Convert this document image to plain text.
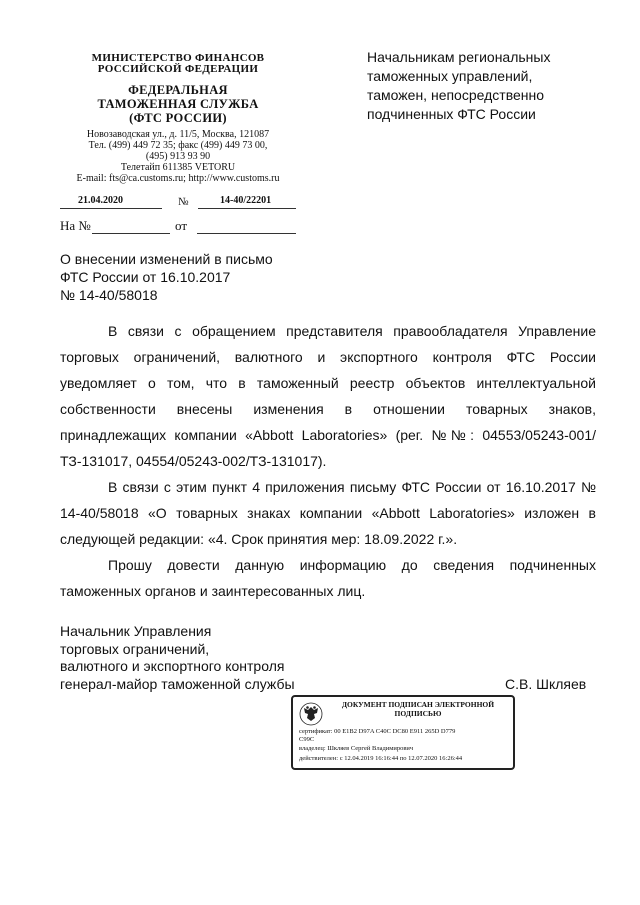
МИНИСТЕРСТВО ФИНАНСОВ
РОССИЙСКОЙ ФЕДЕРАЦИИ
ФЕДЕРАЛЬНАЯ
ТАМОЖЕННАЯ СЛУЖБА
(ФТС РОССИИ)
Новозаводская ул., д. 11/5, Москва, 121087
Тел. (499) 449 72 35; факс (499) 449 73 00,
(495) 913 93 90
Телетайп 611385 VETORU
E-mail: fts@ca.customs.ru; http://www.customs.ru
21.04.2020	№	14-40/22201
На №	от
Начальникам региональных
таможенных управлений,
таможен, непосредственно
подчиненных ФТС России
О внесении изменений в письмо
ФТС России от 16.10.2017
№ 14-40/58018

В связи с обращением представителя правообладателя Управление торговых ограничений, валютного и экспортного контроля ФТС России уведомляет о том, что в таможенный реестр объектов интеллектуальной собственности внесены изменения в отношении товарных знаков, принадлежащих компании «Abbott Laboratories» (рег. №№: 04553/05243-001/ТЗ-131017, 04554/05243-002/ТЗ-131017).

В связи с этим пункт 4 приложения письму ФТС России от 16.10.2017 № 14-40/58018 «О товарных знаках компании «Abbott Laboratories» изложен в следующей редакции: «4. Срок принятия мер: 18.09.2022 г.».

Прошу довести данную информацию до сведения подчиненных таможенных органов и заинтересованных лиц.

Начальник Управления
торговых ограничений,
валютного и экспортного контроля
генерал-майор таможенной службы	С.В. Шкляев
ДОКУМЕНТ ПОДПИСАН ЭЛЕКТРОННОЙ
ПОДПИСЬЮ
сертификат: 00 E1B2 D97A C40C DC80 E911 265D D779
C99C
владелец: Шкляев Сергей Владимирович
действителен: с 12.04.2019 16:16:44 по 12.07.2020 16:26:44
